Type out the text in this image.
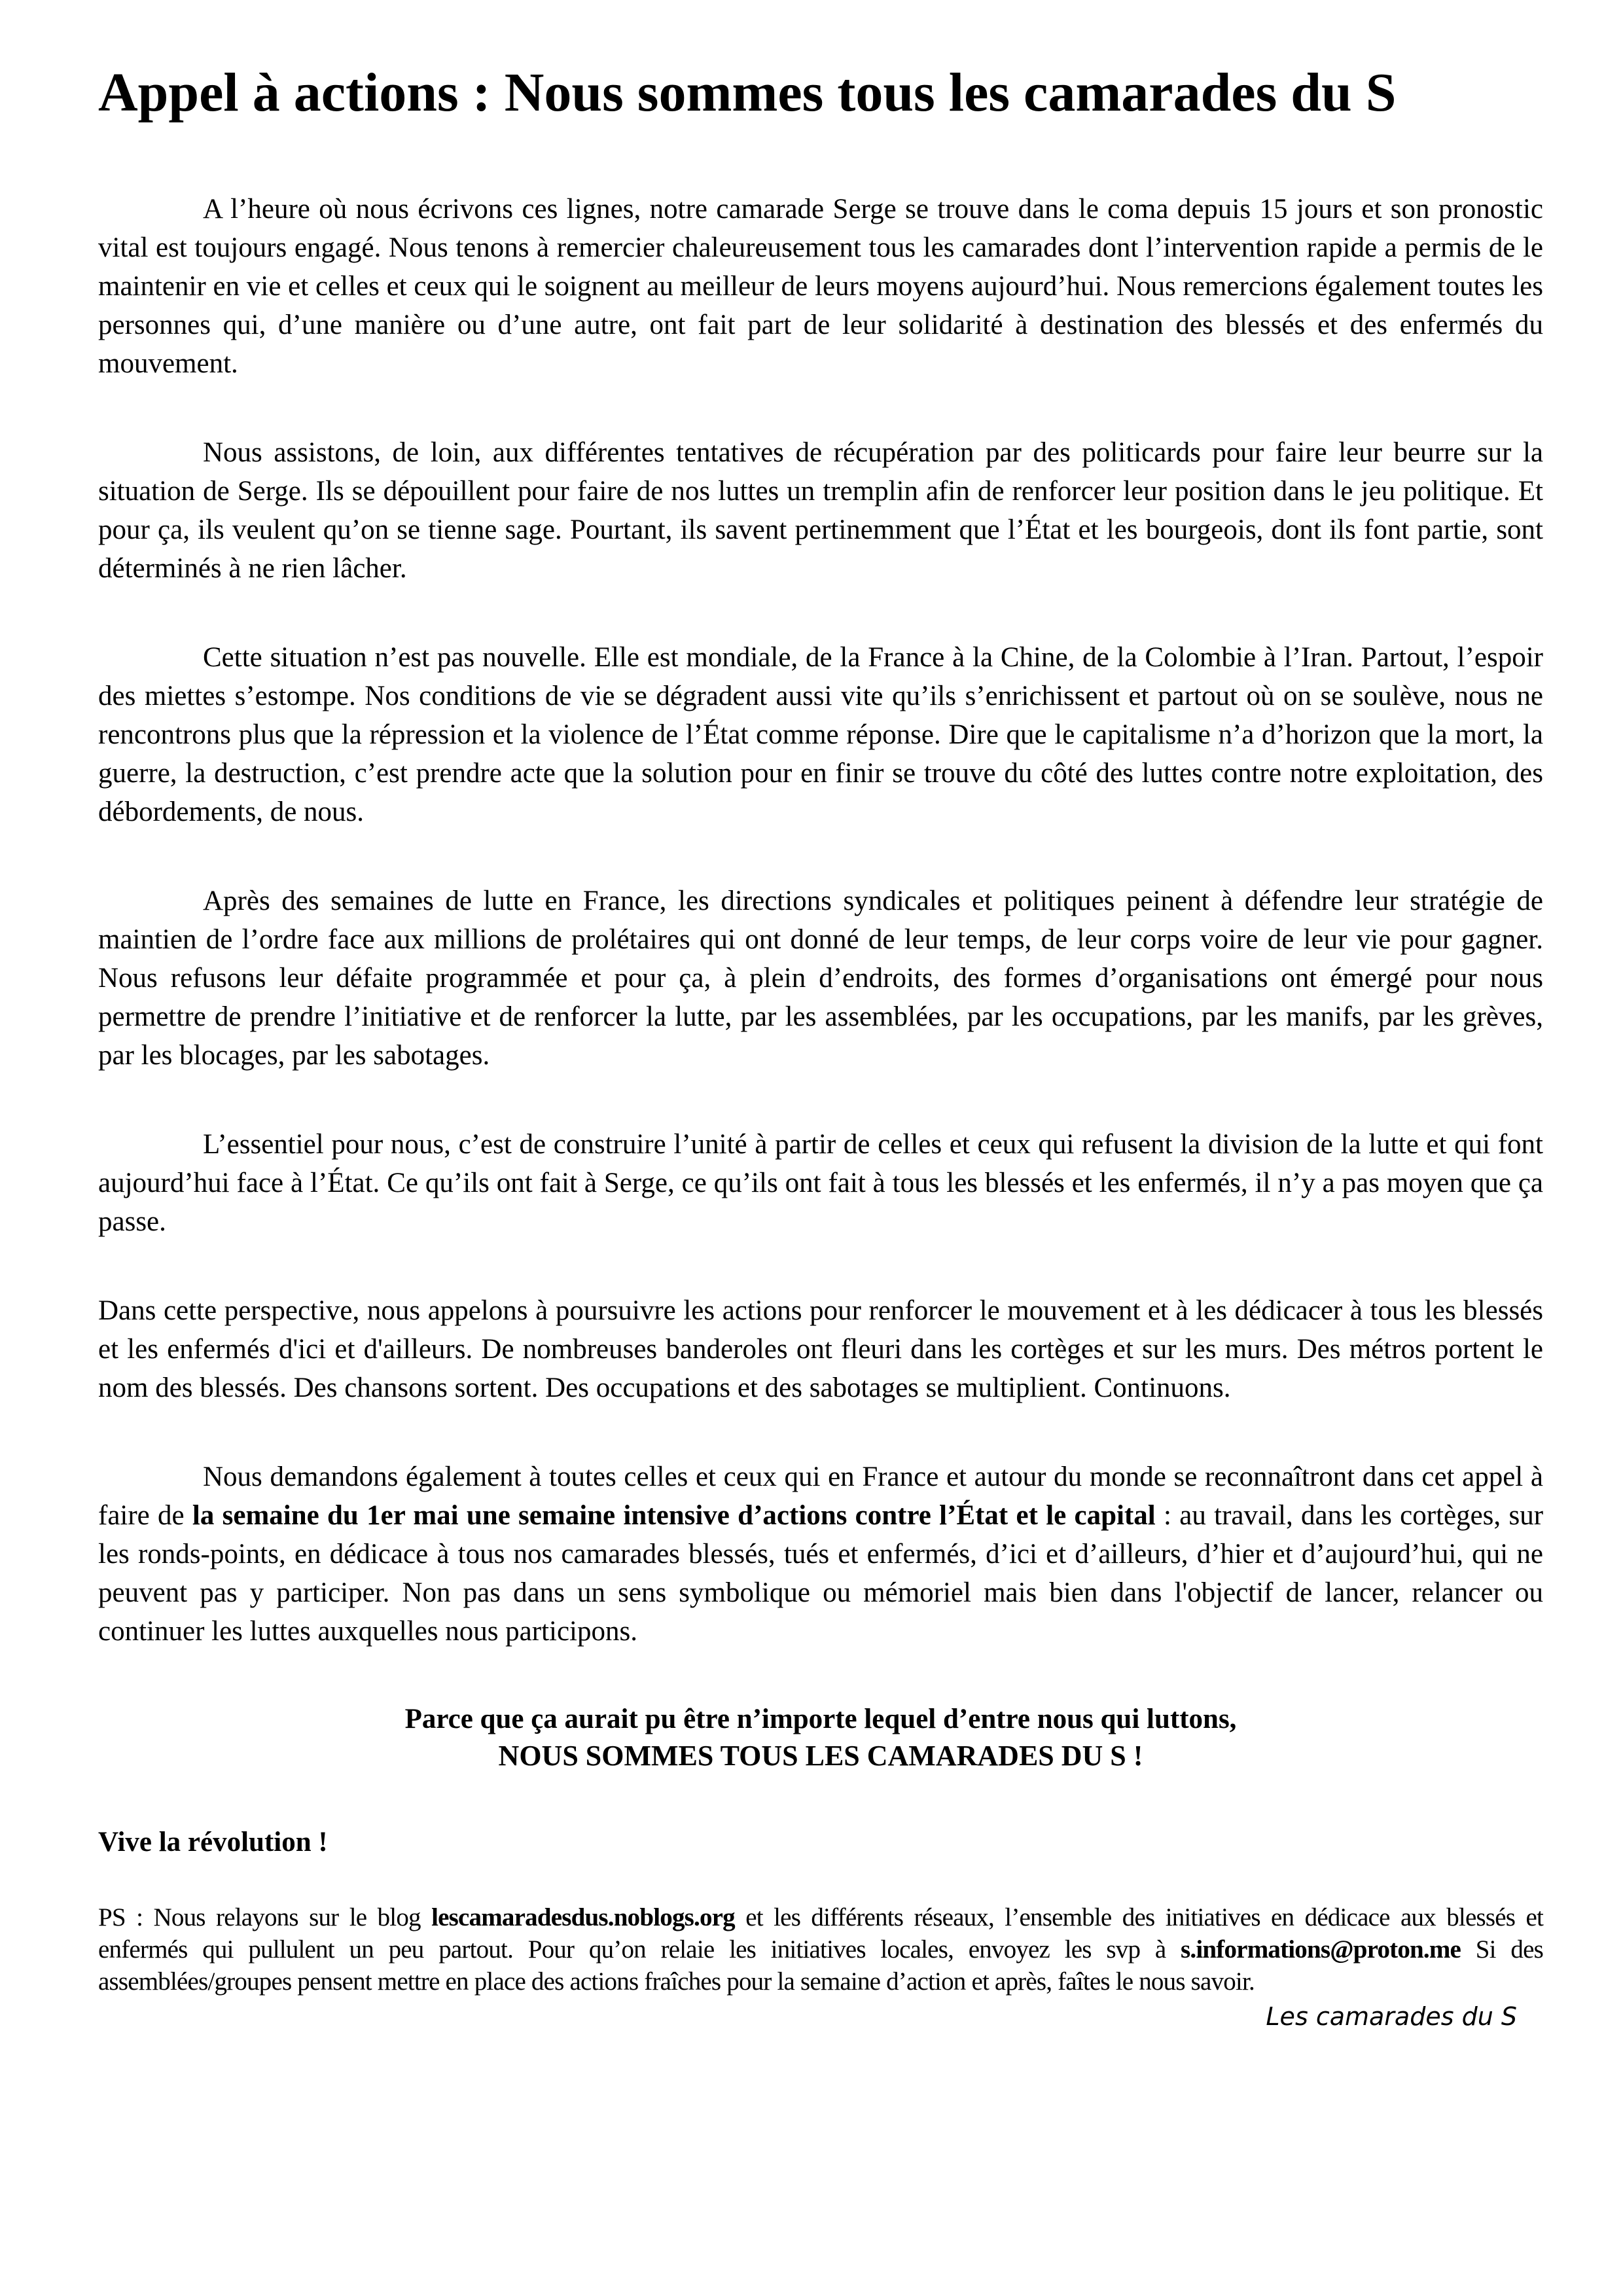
Appel à actions : Nous sommes tous les camarades du S

A l’heure où nous écrivons ces lignes, notre camarade Serge se trouve dans le coma depuis 15 jours et son pronostic vital est toujours engagé. Nous tenons à remercier chaleureusement tous les camarades dont l’intervention rapide a permis de le maintenir en vie et celles et ceux qui le soignent au meilleur de leurs moyens aujourd’hui. Nous remercions également toutes les personnes qui, d’une manière ou d’une autre, ont fait part de leur solidarité à destination des blessés et des enfermés du mouvement.

Nous assistons, de loin, aux différentes tentatives de récupération par des politicards pour faire leur beurre sur la situation de Serge. Ils se dépouillent pour faire de nos luttes un tremplin afin de renforcer leur position dans le jeu politique. Et pour ça, ils veulent qu’on se tienne sage. Pourtant, ils savent pertinemment que l’État et les bourgeois, dont ils font partie, sont déterminés à ne rien lâcher.

Cette situation n’est pas nouvelle. Elle est mondiale, de la France à la Chine, de la Colombie à l’Iran. Partout, l’espoir des miettes s’estompe. Nos conditions de vie se dégradent aussi vite qu’ils s’enrichissent et partout où on se soulève, nous ne rencontrons plus que la répression et la violence de l’État comme réponse. Dire que le capitalisme n’a d’horizon que la mort, la guerre, la destruction, c’est prendre acte que la solution pour en finir se trouve du côté des luttes contre notre exploitation, des débordements, de nous.

Après des semaines de lutte en France, les directions syndicales et politiques peinent à défendre leur stratégie de maintien de l’ordre face aux millions de prolétaires qui ont donné de leur temps, de leur corps voire de leur vie pour gagner. Nous refusons leur défaite programmée et pour ça, à plein d’endroits, des formes d’organisations ont émergé pour nous permettre de prendre l’initiative et de renforcer la lutte, par les assemblées, par les occupations, par les manifs, par les grèves, par les blocages, par les sabotages.

L’essentiel pour nous, c’est de construire l’unité à partir de celles et ceux qui refusent la division de la lutte et qui font aujourd’hui face à l’État. Ce qu’ils ont fait à Serge, ce qu’ils ont fait à tous les blessés et les enfermés, il n’y a pas moyen que ça passe.

Dans cette perspective, nous appelons à poursuivre les actions pour renforcer le mouvement et à les dédicacer à tous les blessés et les enfermés d'ici et d'ailleurs. De nombreuses banderoles ont fleuri dans les cortèges et sur les murs. Des métros portent le nom des blessés. Des chansons sortent. Des occupations et des sabotages se multiplient. Continuons.

Nous demandons également à toutes celles et ceux qui en France et autour du monde se reconnaîtront dans cet appel à faire de la semaine du 1er mai une semaine intensive d’actions contre l’État et le capital : au travail, dans les cortèges, sur les ronds-points, en dédicace à tous nos camarades blessés, tués et enfermés, d’ici et d’ailleurs, d’hier et d’aujourd’hui, qui ne peuvent pas y participer. Non pas dans un sens symbolique ou mémoriel mais bien dans l'objectif de lancer, relancer ou continuer les luttes auxquelles nous participons.

Parce que ça aurait pu être n’importe lequel d’entre nous qui luttons,
NOUS SOMMES TOUS LES CAMARADES DU S !

Vive la révolution !

PS : Nous relayons sur le blog lescamaradesdus.noblogs.org et les différents réseaux, l’ensemble des initiatives en dédicace aux blessés et enfermés qui pullulent un peu partout. Pour qu’on relaie les initiatives locales, envoyez les svp à s.informations@proton.me Si des assemblées/groupes pensent mettre en place des actions fraîches pour la semaine d’action et après, faîtes le nous savoir.

Les camarades du S
